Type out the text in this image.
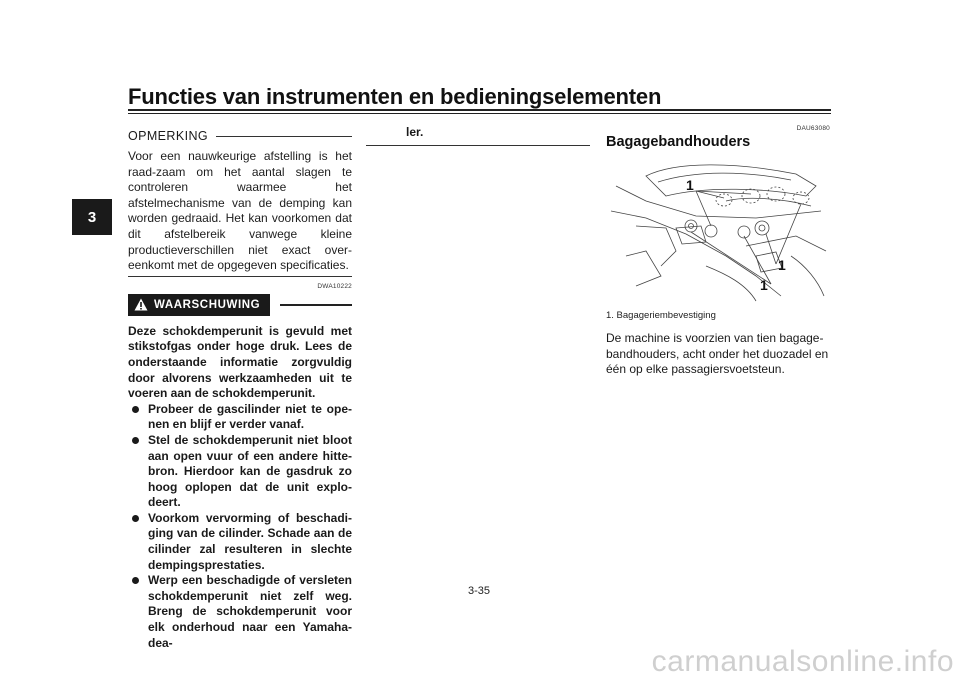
Functies van instrumenten en bedieningselementen
3
OPMERKING

Voor een nauwkeurige afstelling is het raad-zaam om het aantal slagen te controleren waarmee het afstelmechanisme van de demping kan worden gedraaid. Het kan voorkomen dat dit afstelbereik vanwege kleine productieverschillen niet exact over-eenkomt met de opgegeven specificaties.

DWA10222
WAARSCHUWING

Deze schokdemperunit is gevuld met stikstofgas onder hoge druk. Lees de onderstaande informatie zorgvuldig door alvorens werkzaamheden uit te voeren aan de schokdemperunit.

Probeer de gascilinder niet te ope-nen en blijf er verder vanaf.
Stel de schokdemperunit niet bloot aan open vuur of een andere hitte-bron. Hierdoor kan de gasdruk zo hoog oplopen dat de unit explo-deert.
Voorkom vervorming of beschadi-ging van de cilinder. Schade aan de cilinder zal resulteren in slechte dempingsprestaties.
Werp een beschadigde of versleten schokdemperunit niet zelf weg. Breng de schokdemperunit voor elk onderhoud naar een Yamaha-dea-
ler.	DAU63080
Bagagebandhouders
1
1
1
1. Bagageriembevestiging
De machine is voorzien van tien bagage-bandhouders, acht onder het duozadel en één op elke passagiersvoetsteun.
3-35
carmanualsonline.info
